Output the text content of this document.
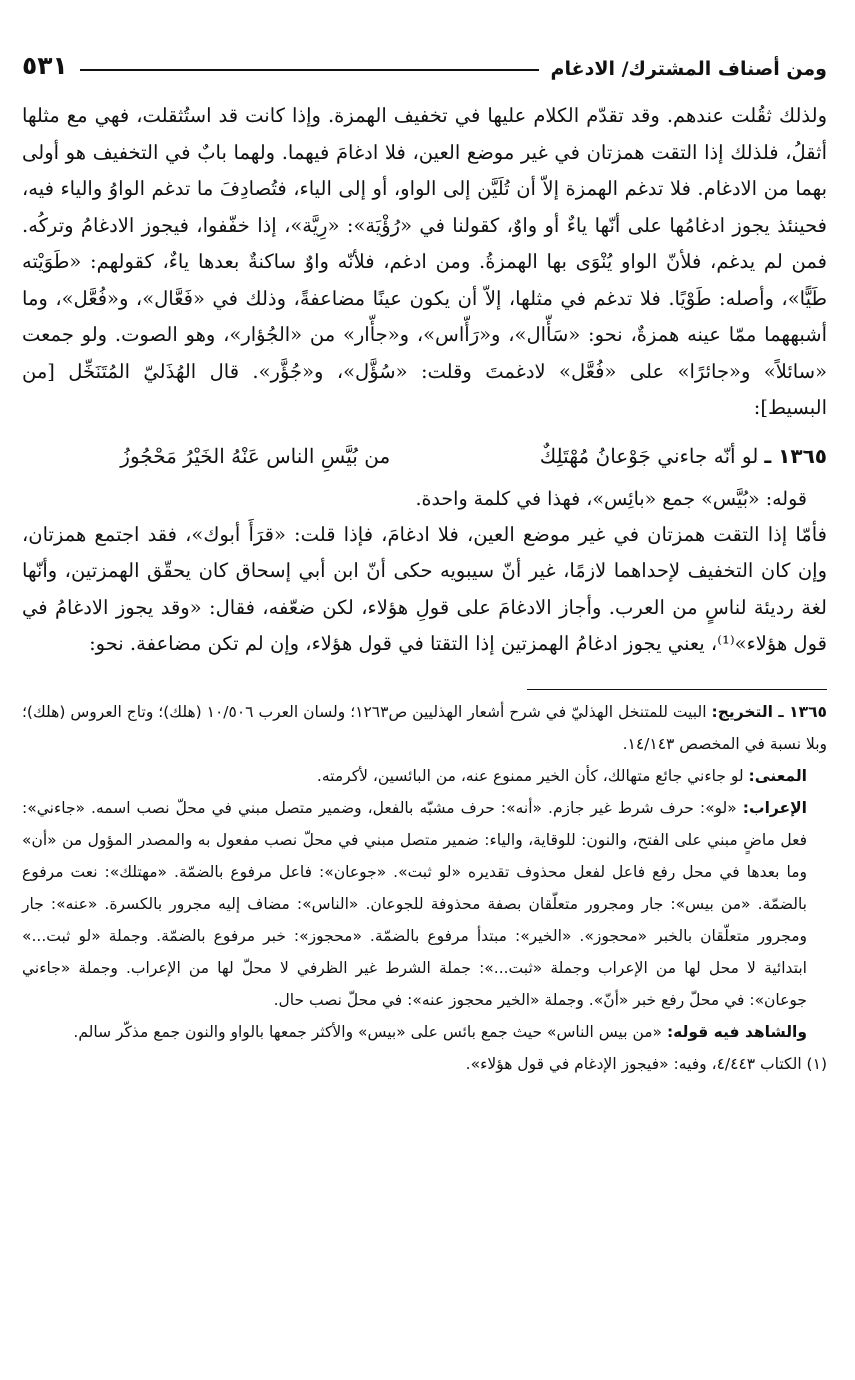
ومن أصناف المشترك/ الادغام
٥٣١

ولذلك ثقُلت عندهم. وقد تقدّم الكلام عليها في تخفيف الهمزة. وإذا كانت قد استُثقلت، فهي مع مثلها أثقلُ، فلذلك إذا التقت همزتان في غير موضع العين، فلا ادغامَ فيهما. ولهما بابٌ في التخفيف هو أولى بهما من الادغام. فلا تدغم الهمزة إلاّ أن تُلَيَّن إلى الواو، أو إلى الياء، فتُصادِفَ ما تدغم الواوُ والياء فيه، فحينئذ يجوز ادغامُها على أنّها ياءٌ أو واوٌ، كقولنا في «رُؤْيَة»: «رِيَّة»، إذا خفّفوا، فيجوز الادغامُ وتركُه. فمن لم يدغم، فلأنّ الواو يُنْوَى بها الهمزةُ. ومن ادغم، فلأنّه واوٌ ساكنةٌ بعدها ياءٌ، كقولهم: «طَوَيْته طَيًّا»، وأصله: طَوْيًا. فلا تدغم في مثلها، إلاّ أن يكون عينًا مضاعفةً، وذلك في «فَعَّال»، و«فُعَّل»، وما أشبههما ممّا عينه همزةٌ، نحو: «سَأّال»، و«رَأّاس»، و«جأّار» من «الجُؤار»، وهو الصوت. ولو جمعت «سائلاً» و«جائرًا» على «فُعَّل» لادغمتَ وقلت: «سُؤَّل»، و«جُؤَّر». قال الهُذَليّ المُتَنَخِّل [من البسيط]:

١٣٦٥ ـ
لو أنّه جاءني جَوْعانُ مُهْتَلِكٌ
من بُيَّسِ الناس عَنْهُ الخَيْرُ مَحْجُوزُ

قوله: «بُيَّس» جمع «بائِس»، فهذا في كلمة واحدة.

فأمّا إذا التقت همزتان في غير موضع العين، فلا ادغامَ، فإذا قلت: «قرَأَ أبوك»، فقد اجتمع همزتان، وإن كان التخفيف لإحداهما لازمًا، غير أنّ سيبويه حكى أنّ ابن أبي إسحاق كان يحقّق الهمزتين، وأنّها لغة رديئة لناسٍ من العرب. وأجاز الادغامَ على قولِ هؤلاء، لكن ضعّفه، فقال: «وقد يجوز الادغامُ في قول هؤلاء»⁽¹⁾، يعني يجوز ادغامُ الهمزتين إذا التقتا في قول هؤلاء، وإن لم تكن مضاعفة. نحو:

١٣٦٥ ـ التخريج: البيت للمتنخل الهذليّ في شرح أشعار الهذليين ص١٢٦٣؛ ولسان العرب ١٠/٥٠٦ (هلك)؛ وتاج العروس (هلك)؛ وبلا نسبة في المخصص ١٤/١٤٣.

المعنى: لو جاءني جائع متهالك، كأن الخير ممنوع عنه، من البائسين، لأكرمته.

الإعراب: «لو»: حرف شرط غير جازم. «أنه»: حرف مشبّه بالفعل، وضمير متصل مبني في محلّ نصب اسمه. «جاءني»: فعل ماضٍ مبني على الفتح، والنون: للوقاية، والياء: ضمير متصل مبني في محلّ نصب مفعول به والمصدر المؤول من «أن» وما بعدها في محل رفع فاعل لفعل محذوف تقديره «لو ثبت». «جوعان»: فاعل مرفوع بالضمّة. «مهتلك»: نعت مرفوع بالضمّة. «من بيس»: جار ومجرور متعلّقان بصفة محذوفة للجوعان. «الناس»: مضاف إليه مجرور بالكسرة. «عنه»: جار ومجرور متعلّقان بالخبر «محجوز». «الخير»: مبتدأ مرفوع بالضمّة. «محجوز»: خبر مرفوع بالضمّة. وجملة «لو ثبت...» ابتدائية لا محل لها من الإعراب وجملة «ثبت...»: جملة الشرط غير الظرفي لا محلّ لها من الإعراب. وجملة «جاءني جوعان»: في محلّ رفع خبر «أنّ». وجملة «الخير محجوز عنه»: في محلّ نصب حال.

والشاهد فيه قوله: «من بيس الناس» حيث جمع بائس على «بيس» والأكثر جمعها بالواو والنون جمع مذكّر سالم.

(١) الكتاب ٤/٤٤٣، وفيه: «فيجوز الإدغام في قول هؤلاء».
